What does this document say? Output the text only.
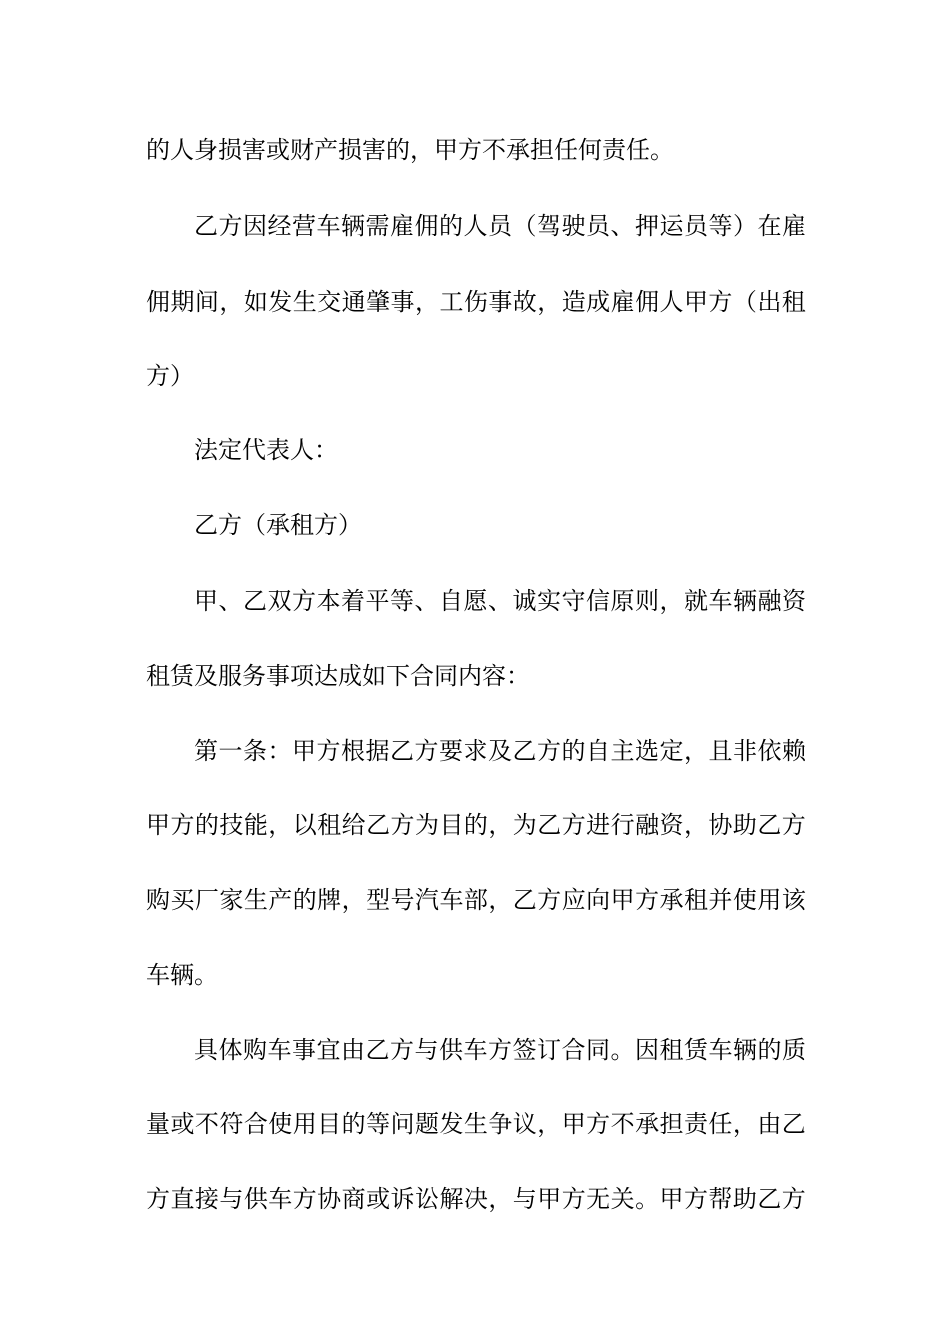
的人身损害或财产损害的，甲方不承担任何责任。
乙 方 因 经 营 车 辆 需 雇 佣 的 人 员 （ 驾 驶 员 、 押 运 员 等 ） 在 雇
佣 期 间 ， 如 发 生 交 通 肇 事 ， 工 伤 事 故 ， 造 成 雇 佣 人 甲 方 （ 出 租
方）
法定代表人：
乙方（承租方）
甲 、 乙 双 方 本 着 平 等 、 自 愿 、 诚 实 守 信 原 则 ， 就 车 辆 融 资
租赁及服务事项达成如下合同内容：
第 一 条 ： 甲 方 根 据 乙 方 要 求 及 乙 方 的 自 主 选 定 ， 且 非 依 赖
甲 方 的 技 能 ， 以 租 给 乙 方 为 目 的 ， 为 乙 方 进 行 融 资 ， 协 助 乙 方
购 买 厂 家 生 产 的 牌 ， 型 号 汽 车 部 ， 乙 方 应 向 甲 方 承 租 并 使 用 该
车辆。
具 体 购 车 事 宜 由 乙 方 与 供 车 方 签 订 合 同 。 因 租 赁 车 辆 的 质
量 或 不 符 合 使 用 目 的 等 问 题 发 生 争 议 ， 甲 方 不 承 担 责 任 ， 由 乙
方 直 接 与 供 车 方 协 商 或 诉 讼 解 决 ， 与 甲 方 无 关 。 甲 方 帮 助 乙 方
